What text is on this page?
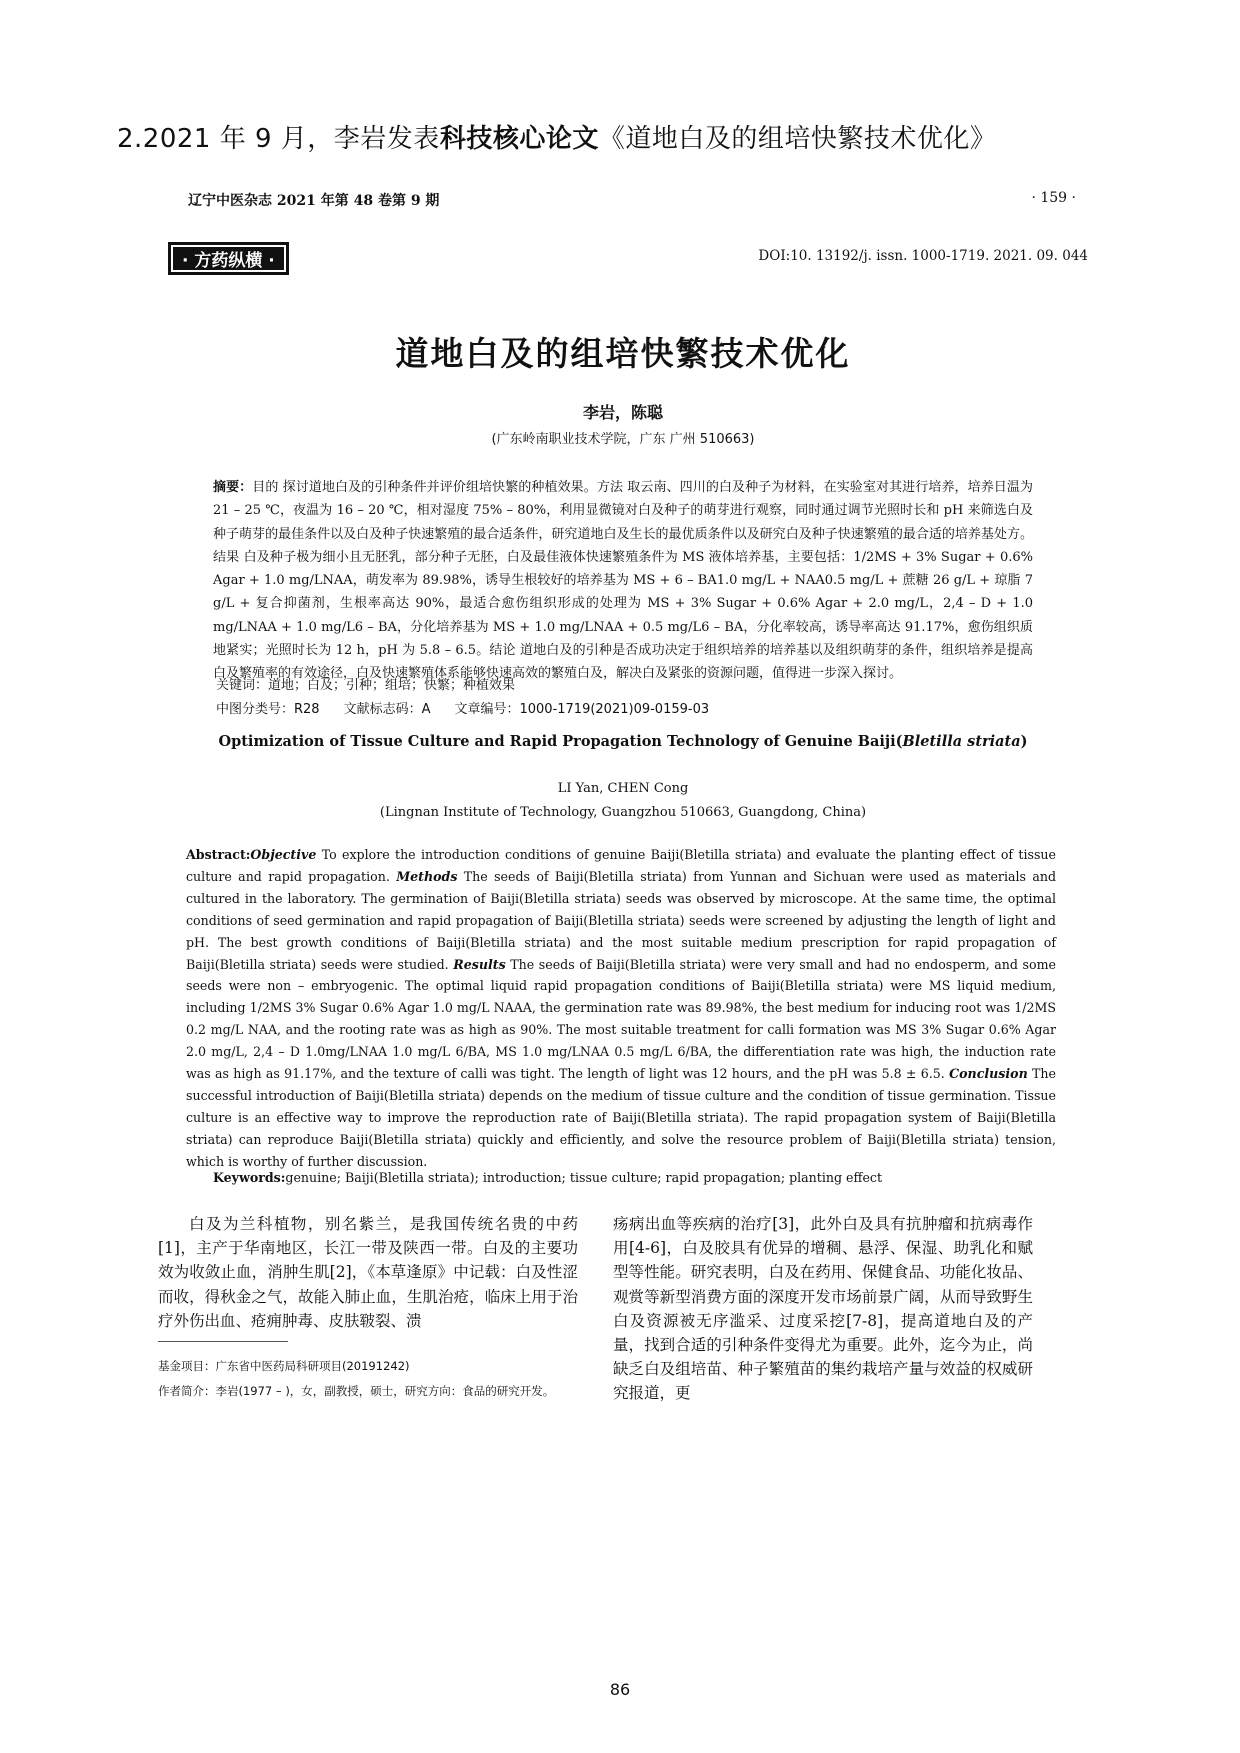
2.2021 年 9 月，李岩发表科技核心论文《道地白及的组培快繁技术优化》
辽宁中医杂志 2021 年第 48 卷第 9 期	· 159 ·
· 方药纵横 ·	DOI:10. 13192/j. issn. 1000-1719. 2021. 09. 044
道地白及的组培快繁技术优化
李岩，陈聪
(广东岭南职业技术学院，广东 广州 510663)
摘要：目的 探讨道地白及的引种条件并评价组培快繁的种植效果。方法 取云南、四川的白及种子为材料，在实验室对其进行培养，培养日温为 21 – 25 ℃，夜温为 16 – 20 ℃，相对湿度 75% – 80%，利用显微镜对白及种子的萌芽进行观察，同时通过调节光照时长和 pH 来筛选白及种子萌芽的最佳条件以及白及种子快速繁殖的最合适条件，研究道地白及生长的最优质条件以及研究白及种子快速繁殖的最合适的培养基处方。结果 白及种子极为细小且无胚乳，部分种子无胚，白及最佳液体快速繁殖条件为 MS 液体培养基，主要包括：1/2MS + 3% Sugar + 0.6% Agar + 1.0 mg/LNAA，萌发率为 89.98%，诱导生根较好的培养基为 MS + 6 – BA1.0 mg/L + NAA0.5 mg/L + 蔗糖 26 g/L + 琼脂 7 g/L + 复合抑菌剂，生根率高达 90%，最适合愈伤组织形成的处理为 MS + 3% Sugar + 0.6% Agar + 2.0 mg/L，2,4 – D + 1.0 mg/LNAA + 1.0 mg/L6 – BA，分化培养基为 MS + 1.0 mg/LNAA + 0.5 mg/L6 – BA，分化率较高，诱导率高达 91.17%，愈伤组织质地紧实；光照时长为 12 h，pH 为 5.8 – 6.5。结论 道地白及的引种是否成功决定于组织培养的培养基以及组织萌芽的条件，组织培养是提高白及繁殖率的有效途径，白及快速繁殖体系能够快速高效的繁殖白及，解决白及紧张的资源问题，值得进一步深入探讨。
关键词：道地；白及；引种；组培；快繁；种植效果
中图分类号：R28 文献标志码：A 文章编号：1000-1719(2021)09-0159-03
Optimization of Tissue Culture and Rapid Propagation Technology of Genuine Baiji(Bletilla striata)
LI Yan, CHEN Cong
(Lingnan Institute of Technology, Guangzhou 510663, Guangdong, China)
Abstract:Objective To explore the introduction conditions of genuine Baiji(Bletilla striata) and evaluate the planting effect of tissue culture and rapid propagation. Methods The seeds of Baiji(Bletilla striata) from Yunnan and Sichuan were used as materials and cultured in the laboratory. The germination of Baiji(Bletilla striata) seeds was observed by microscope. At the same time, the optimal conditions of seed germination and rapid propagation of Baiji(Bletilla striata) seeds were screened by adjusting the length of light and pH. The best growth conditions of Baiji(Bletilla striata) and the most suitable medium prescription for rapid propagation of Baiji(Bletilla striata) seeds were studied. Results The seeds of Baiji(Bletilla striata) were very small and had no endosperm, and some seeds were non – embryogenic. The optimal liquid rapid propagation conditions of Baiji(Bletilla striata) were MS liquid medium, including 1/2MS 3% Sugar 0.6% Agar 1.0 mg/L NAAA, the germination rate was 89.98%, the best medium for inducing root was 1/2MS 0.2 mg/L NAA, and the rooting rate was as high as 90%. The most suitable treatment for calli formation was MS 3% Sugar 0.6% Agar 2.0 mg/L, 2,4 – D 1.0mg/LNAA 1.0 mg/L 6/BA, MS 1.0 mg/LNAA 0.5 mg/L 6/BA, the differentiation rate was high, the induction rate was as high as 91.17%, and the texture of calli was tight. The length of light was 12 hours, and the pH was 5.8 ± 6.5. Conclusion The successful introduction of Baiji(Bletilla striata) depends on the medium of tissue culture and the condition of tissue germination. Tissue culture is an effective way to improve the reproduction rate of Baiji(Bletilla striata). The rapid propagation system of Baiji(Bletilla striata) can reproduce Baiji(Bletilla striata) quickly and efficiently, and solve the resource problem of Baiji(Bletilla striata) tension, which is worthy of further discussion.
Keywords:genuine; Baiji(Bletilla striata); introduction; tissue culture; rapid propagation; planting effect
白及为兰科植物，别名紫兰，是我国传统名贵的中药[1]，主产于华南地区，长江一带及陕西一带。白及的主要功效为收敛止血，消肿生肌[2]，《本草逢原》中记载：白及性涩而收，得秋金之气，故能入肺止血，生肌治疮，临床上用于治疗外伤出血、疮痈肿毒、皮肤皲裂、溃
疡病出血等疾病的治疗[3]，此外白及具有抗肿瘤和抗病毒作用[4-6]，白及胶具有优异的增稠、悬浮、保湿、助乳化和赋型等性能。研究表明，白及在药用、保健食品、功能化妆品、观赏等新型消费方面的深度开发市场前景广阔，从而导致野生白及资源被无序滥采、过度采挖[7-8]，提高道地白及的产量，找到合适的引种条件变得尤为重要。此外，迄今为止，尚缺乏白及组培苗、种子繁殖苗的集约栽培产量与效益的权威研究报道，更
基金项目：广东省中医药局科研项目(20191242)
作者简介：李岩(1977 – )，女，副教授，硕士，研究方向：食品的研究开发。
86
